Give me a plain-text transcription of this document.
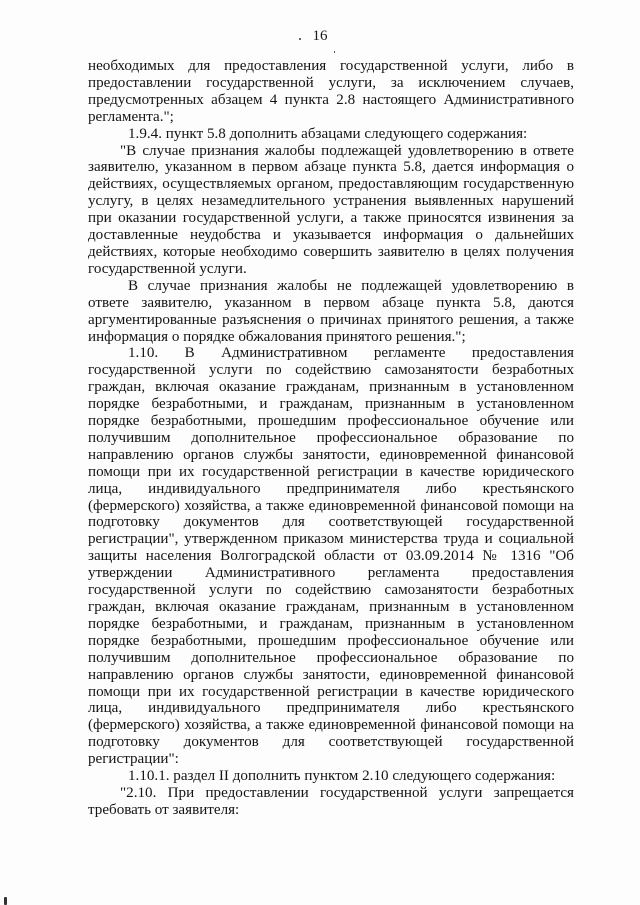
16

необходимых для предоставления государственной услуги, либо в предоставлении государственной услуги, за исключением случаев, предусмотренных абзацем 4 пункта 2.8 настоящего Административного регламента.";

1.9.4. пункт 5.8 дополнить абзацами следующего содержания:

"В случае признания жалобы подлежащей удовлетворению в ответе заявителю, указанном в первом абзаце пункта 5.8, дается информация о действиях, осуществляемых органом, предоставляющим государственную услугу, в целях незамедлительного устранения выявленных нарушений при оказании государственной услуги, а также приносятся извинения за доставленные неудобства и указывается информация о дальнейших действиях, которые необходимо совершить заявителю в целях получения государственной услуги.

В случае признания жалобы не подлежащей удовлетворению в ответе заявителю, указанном в первом абзаце пункта 5.8, даются аргументированные разъяснения о причинах принятого решения, а также информация о порядке обжалования принятого решения.";

1.10. В Административном регламенте предоставления государственной услуги по содействию самозанятости безработных граждан, включая оказание гражданам, признанным в установленном порядке безработными, и гражданам, признанным в установленном порядке безработными, прошедшим профессиональное обучение или получившим дополнительное профессиональное образование по направлению органов службы занятости, единовременной финансовой помощи при их государственной регистрации в качестве юридического лица, индивидуального предпринимателя либо крестьянского (фермерского) хозяйства, а также единовременной финансовой помощи на подготовку документов для соответствующей государственной регистрации", утвержденном приказом министерства труда и социальной защиты населения Волгоградской области от 03.09.2014 № 1316 "Об утверждении Административного регламента предоставления государственной услуги по содействию самозанятости безработных граждан, включая оказание гражданам, признанным в установленном порядке безработными, и гражданам, признанным в установленном порядке безработными, прошедшим профессиональное обучение или получившим дополнительное профессиональное образование по направлению органов службы занятости, единовременной финансовой помощи при их государственной регистрации в качестве юридического лица, индивидуального предпринимателя либо крестьянского (фермерского) хозяйства, а также единовременной финансовой помощи на подготовку документов для соответствующей государственной регистрации":

1.10.1. раздел II дополнить пунктом 2.10 следующего содержания:

"2.10. При предоставлении государственной услуги запрещается требовать от заявителя:
